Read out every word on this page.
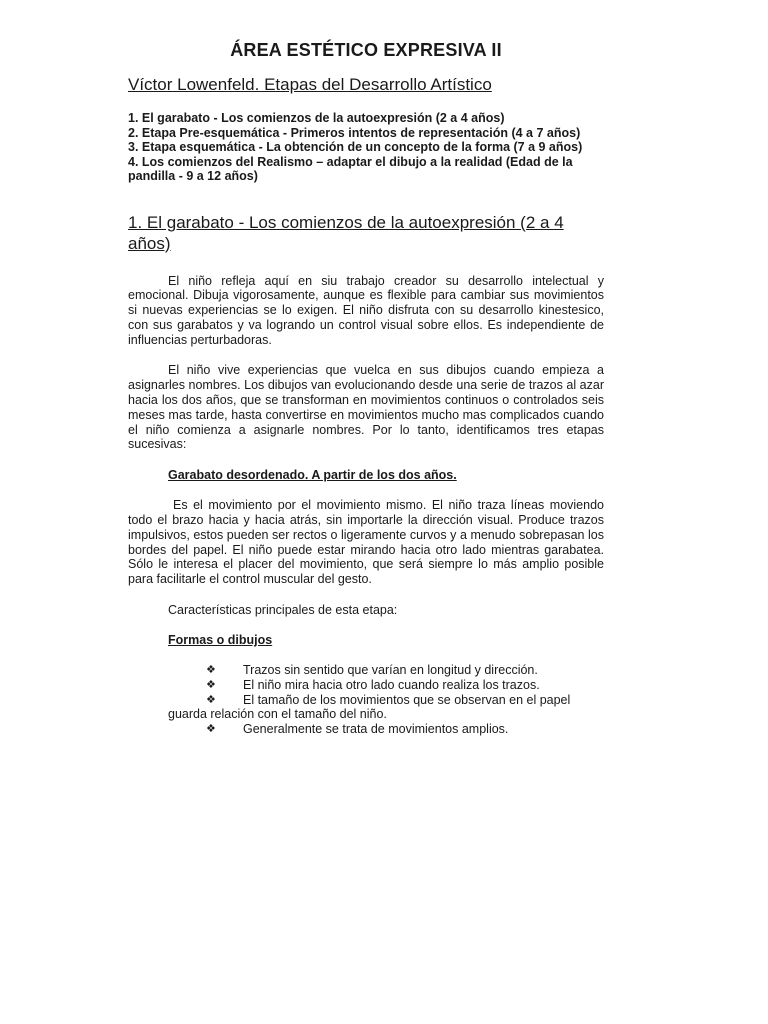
ÁREA ESTÉTICO EXPRESIVA II
Víctor Lowenfeld. Etapas del Desarrollo Artístico
1. El garabato - Los comienzos de la autoexpresión (2 a 4 años)
2. Etapa Pre-esquemática - Primeros intentos de representación (4 a 7 años)
3. Etapa esquemática - La obtención de un concepto de la forma (7 a 9 años)
4. Los comienzos del Realismo – adaptar el dibujo a la realidad (Edad de la pandilla - 9 a 12 años)
1. El garabato - Los comienzos de la autoexpresión (2 a 4 años)

El niño refleja aquí en siu trabajo creador su desarrollo intelectual y emocional. Dibuja vigorosamente, aunque es flexible para cambiar sus movimientos si nuevas experiencias se lo exigen. El niño disfruta con su desarrollo kinestesico, con sus garabatos y va logrando un control visual sobre ellos. Es independiente de influencias perturbadoras.

El niño vive experiencias que vuelca en sus dibujos cuando empieza a asignarles nombres. Los dibujos van evolucionando desde una serie de trazos al azar hacia los dos años, que se transforman en movimientos continuos o controlados seis meses mas tarde, hasta convertirse en movimientos mucho mas complicados cuando el niño comienza a asignarle nombres. Por lo tanto, identificamos tres etapas sucesivas:

Garabato desordenado. A partir de los dos años.

Es el movimiento por el movimiento mismo. El niño traza líneas moviendo todo el brazo hacia y hacia atrás, sin importarle la dirección visual. Produce trazos impulsivos, estos pueden ser rectos o ligeramente curvos y a menudo sobrepasan los bordes del papel. El niño puede estar mirando hacia otro lado mientras garabatea. Sólo le interesa el placer del movimiento, que será siempre lo más amplio posible para facilitarle el control muscular del gesto.

Características principales de esta etapa:
Formas o dibujos
❖ Trazos sin sentido que varían en longitud y dirección.
❖ El niño mira hacia otro lado cuando realiza los trazos.
❖ El tamaño de los movimientos que se observan en el papel
guarda relación con el tamaño del niño.
❖ Generalmente se trata de movimientos amplios.
